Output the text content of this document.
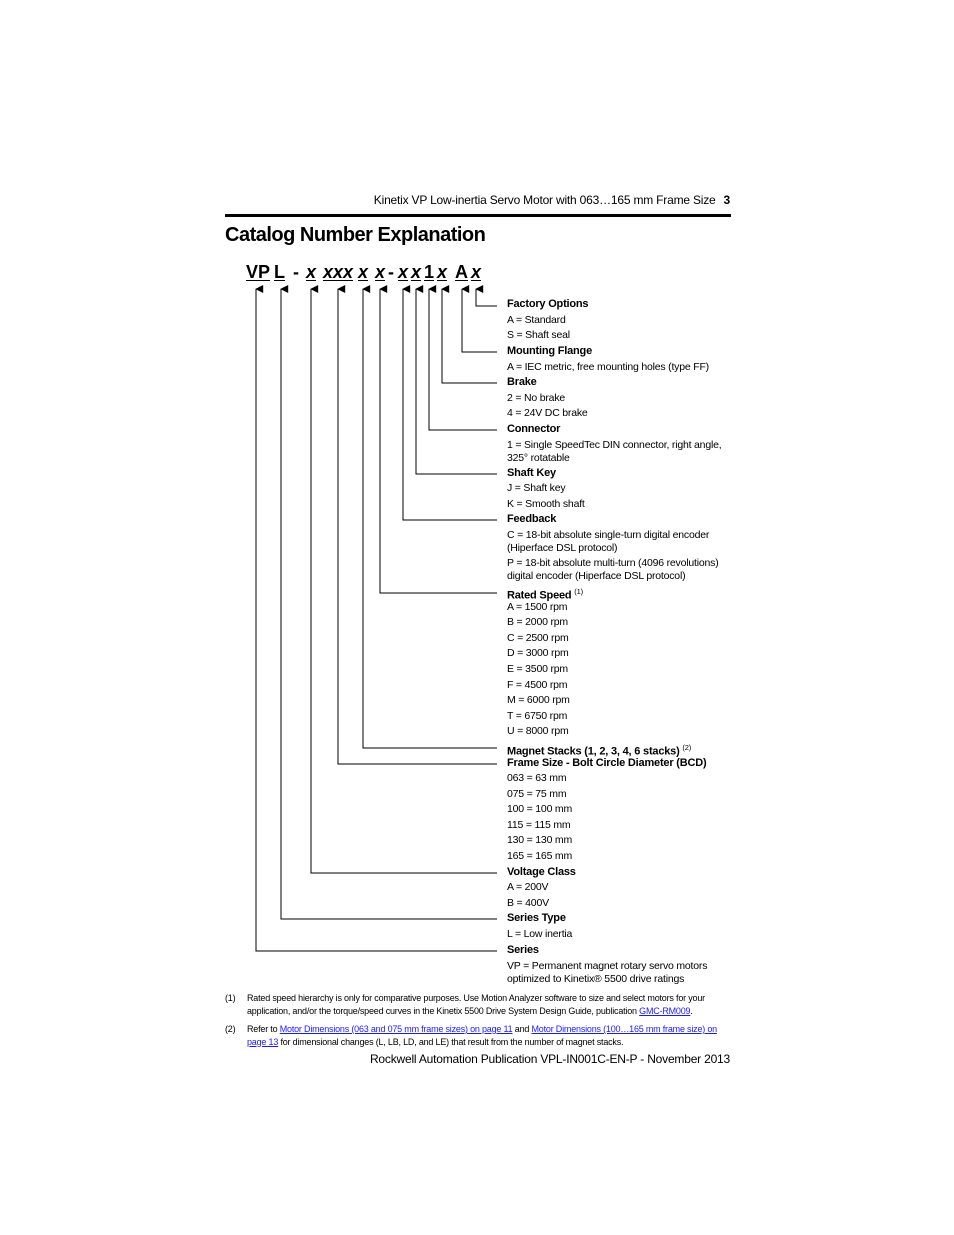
Kinetix VP Low-inertia Servo Motor with 063…165 mm Frame Size 3
Catalog Number Explanation
VP L - x xxx x x - x x 1 x A x
Factory Options
A = Standard
S = Shaft seal
Mounting Flange
A = IEC metric, free mounting holes (type FF)
Brake
2 = No brake
4 = 24V DC brake
Connector
1 = Single SpeedTec DIN connector, right angle, 325° rotatable
Shaft Key
J = Shaft key
K = Smooth shaft
Feedback
C = 18-bit absolute single-turn digital encoder (Hiperface DSL protocol)
P = 18-bit absolute multi-turn (4096 revolutions) digital encoder (Hiperface DSL protocol)
Rated Speed $^{(1)}$
A = 1500 rpm
B = 2000 rpm
C = 2500 rpm
D = 3000 rpm
E = 3500 rpm
F = 4500 rpm
M = 6000 rpm
T = 6750 rpm
U = 8000 rpm
Magnet Stacks (1, 2, 3, 4, 6 stacks) $^{(2)}$
Frame Size - Bolt Circle Diameter (BCD)
063 = 63 mm
075 = 75 mm
100 = 100 mm
115 = 115 mm
130 = 130 mm
165 = 165 mm
Voltage Class
A = 200V
B = 400V
Series Type
L = Low inertia
Series
VP = Permanent magnet rotary servo motors optimized to Kinetix® 5500 drive ratings
(1) Rated speed hierarchy is only for comparative purposes. Use Motion Analyzer software to size and select motors for your application, and/or the torque/speed curves in the Kinetix 5500 Drive System Design Guide, publication GMC-RM009.
(2) Refer to Motor Dimensions (063 and 075 mm frame sizes) on page 11 and Motor Dimensions (100…165 mm frame size) on page 13 for dimensional changes (L, LB, LD, and LE) that result from the number of magnet stacks.
Rockwell Automation Publication VPL-IN001C-EN-P - November 2013
